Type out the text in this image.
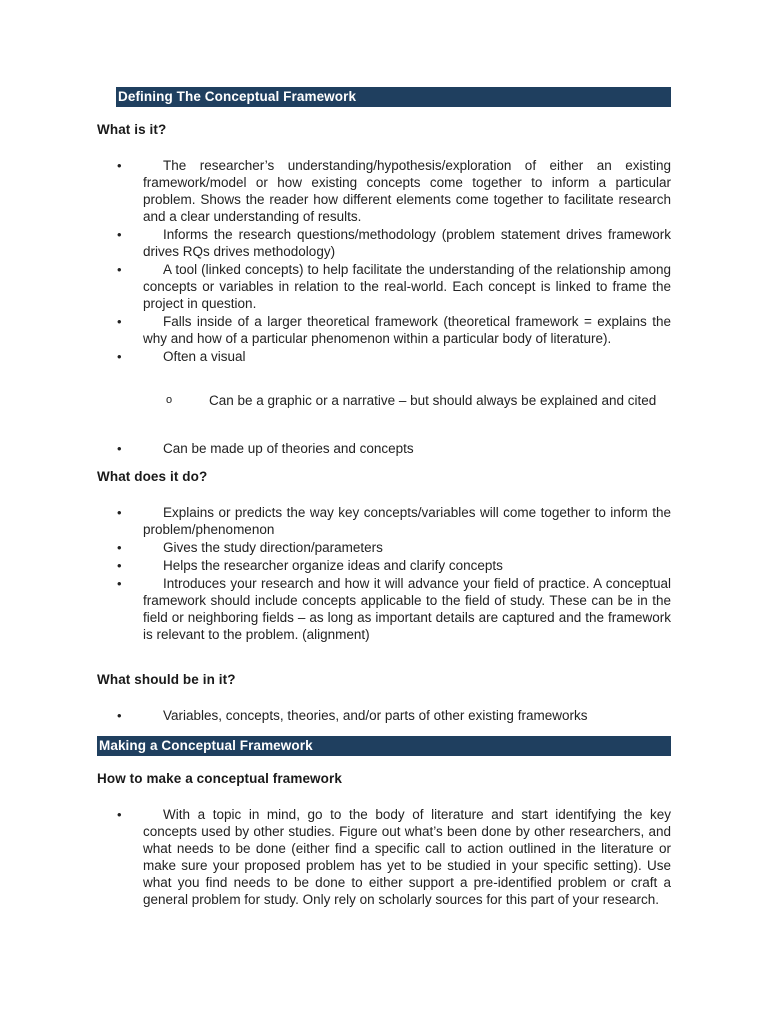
Defining The Conceptual Framework
What is it?
•	The researcher’s understanding/hypothesis/exploration of either an existing framework/model or how existing concepts come together to inform a particular problem. Shows the reader how different elements come together to facilitate research and a clear understanding of results.
•	Informs the research questions/methodology (problem statement drives framework drives RQs drives methodology)
•	A tool (linked concepts) to help facilitate the understanding of the relationship among concepts or variables in relation to the real-world. Each concept is linked to frame the project in question.
•	Falls inside of a larger theoretical framework (theoretical framework = explains the why and how of a particular phenomenon within a particular body of literature).
•	Often a visual
o	Can be a graphic or a narrative – but should always be explained and cited
•	Can be made up of theories and concepts
What does it do?
•	Explains or predicts the way key concepts/variables will come together to inform the problem/phenomenon
•	Gives the study direction/parameters
•	Helps the researcher organize ideas and clarify concepts
•	Introduces your research and how it will advance your field of practice. A conceptual framework should include concepts applicable to the field of study. These can be in the field or neighboring fields – as long as important details are captured and the framework is relevant to the problem. (alignment)
What should be in it?
•	Variables, concepts, theories, and/or parts of other existing frameworks
Making a Conceptual Framework
How to make a conceptual framework
•	With a topic in mind, go to the body of literature and start identifying the key concepts used by other studies. Figure out what’s been done by other researchers, and what needs to be done (either find a specific call to action outlined in the literature or make sure your proposed problem has yet to be studied in your specific setting). Use what you find needs to be done to either support a pre-identified problem or craft a general problem for study. Only rely on scholarly sources for this part of your research.
